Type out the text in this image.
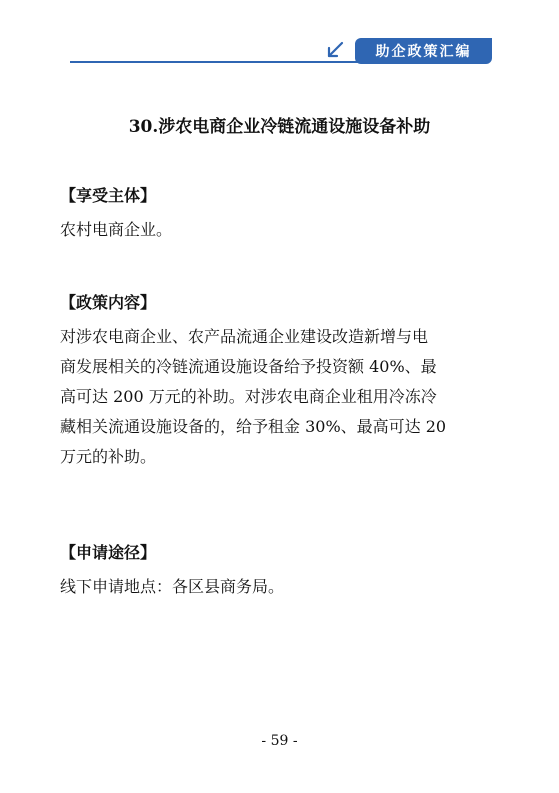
助企政策汇编
30.涉农电商企业冷链流通设施设备补助
【享受主体】
农村电商企业。
【政策内容】
对涉农电商企业、农产品流通企业建设改造新增与电
商发展相关的冷链流通设施设备给予投资额 40%、最
高可达 200 万元的补助。对涉农电商企业租用冷冻冷
藏相关流通设施设备的，给予租金 30%、最高可达 20
万元的补助。
【申请途径】
线下申请地点：各区县商务局。
- 59 -
